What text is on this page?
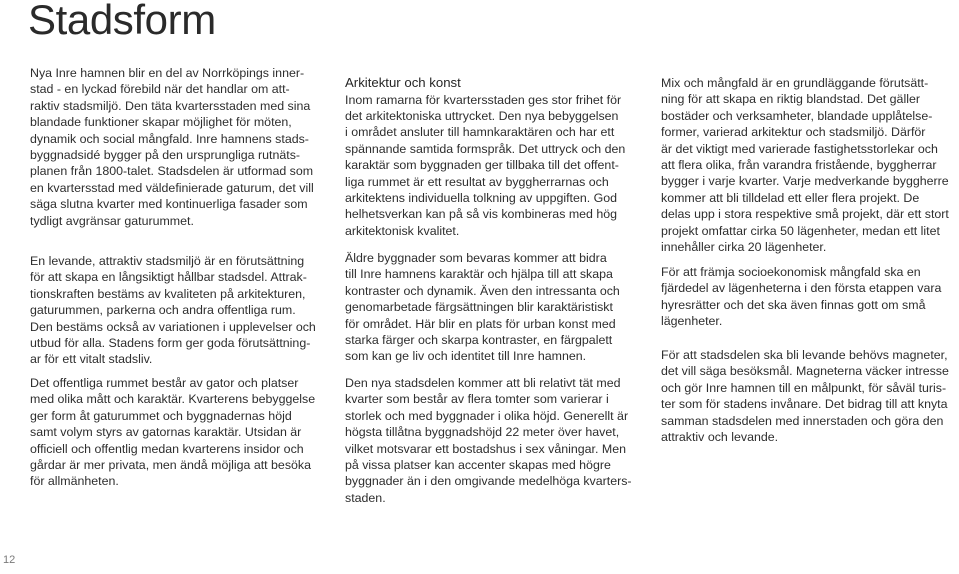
Stadsform

Nya Inre hamnen blir en del av Norrköpings inner-
stad - en lyckad förebild när det handlar om att-
raktiv stadsmiljö. Den täta kvartersstaden med sina
blandade funktioner skapar möjlighet för möten,
dynamik och social mångfald. Inre hamnens stads-
byggnadsidé bygger på den ursprungliga rutnäts-
planen från 1800-talet. Stadsdelen är utformad som
en kvartersstad med väldefinierade gaturum, det vill
säga slutna kvarter med kontinuerliga fasader som
tydligt avgränsar gaturummet.

En levande, attraktiv stadsmiljö är en förutsättning
för att skapa en långsiktigt hållbar stadsdel. Attrak-
tionskraften bestäms av kvaliteten på arkitekturen,
gaturummen, parkerna och andra offentliga rum.
Den bestäms också av variationen i upplevelser och
utbud för alla. Stadens form ger goda förutsättning-
ar för ett vitalt stadsliv.

Det offentliga rummet består av gator och platser
med olika mått och karaktär. Kvarterens bebyggelse
ger form åt gaturummet och byggnadernas höjd
samt volym styrs av gatornas karaktär. Utsidan är
officiell och offentlig medan kvarterens insidor och
gårdar är mer privata, men ändå möjliga att besöka
för allmänheten.

Arkitektur och konst

Inom ramarna för kvartersstaden ges stor frihet för
det arkitektoniska uttrycket. Den nya bebyggelsen
i området ansluter till hamnkaraktären och har ett
spännande samtida formspråk. Det uttryck och den
karaktär som byggnaden ger tillbaka till det offent-
liga rummet är ett resultat av byggherrarnas och
arkitektens individuella tolkning av uppgiften. God
helhetsverkan kan på så vis kombineras med hög
arkitektonisk kvalitet.

Äldre byggnader som bevaras kommer att bidra
till Inre hamnens karaktär och hjälpa till att skapa
kontraster och dynamik. Även den intressanta och
genomarbetade färgsättningen blir karaktäristiskt
för området. Här blir en plats för urban konst med
starka färger och skarpa kontraster, en färgpalett
som kan ge liv och identitet till Inre hamnen.

Den nya stadsdelen kommer att bli relativt tät med
kvarter som består av flera tomter som varierar i
storlek och med byggnader i olika höjd. Generellt är
högsta tillåtna byggnadshöjd 22 meter över havet,
vilket motsvarar ett bostadshus i sex våningar. Men
på vissa platser kan accenter skapas med högre
byggnader än i den omgivande medelhöga kvarters-
staden.

Mix och mångfald är en grundläggande förutsätt-
ning för att skapa en riktig blandstad. Det gäller
bostäder och verksamheter, blandade upplåtelse-
former, varierad arkitektur och stadsmiljö. Därför
är det viktigt med varierade fastighetsstorlekar och
att flera olika, från varandra fristående, byggherrar
bygger i varje kvarter. Varje medverkande byggherre
kommer att bli tilldelad ett eller flera projekt. De
delas upp i stora respektive små projekt, där ett stort
projekt omfattar cirka 50 lägenheter, medan ett litet
innehåller cirka 20 lägenheter.

För att främja socioekonomisk mångfald ska en
fjärdedel av lägenheterna i den första etappen vara
hyresrätter och det ska även finnas gott om små
lägenheter.

För att stadsdelen ska bli levande behövs magneter,
det vill säga besöksmål. Magneterna väcker intresse
och gör Inre hamnen till en målpunkt, för såväl turis-
ter som för stadens invånare. Det bidrag till att knyta
samman stadsdelen med innerstaden och göra den
attraktiv och levande.

12
